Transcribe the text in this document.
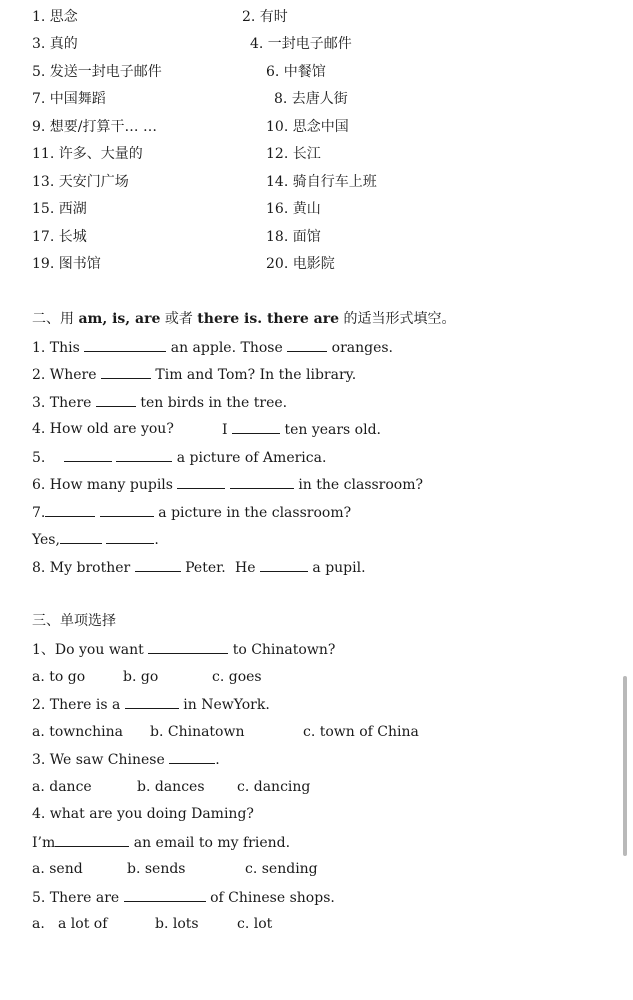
1. 思念	2. 有时
3. 真的	4. 一封电子邮件
5. 发送一封电子邮件	6. 中餐馆
7. 中国舞蹈	8. 去唐人街
9. 想要/打算干… …	10. 思念中国
11. 许多、大量的	12. 长江
13. 天安门广场	14. 骑自行车上班
15. 西湖	16. 黄山
17. 长城	18. 面馆
19. 图书馆	20. 电影院
二、用 am, is, are 或者 there is. there are 的适当形式填空。
1. This	an apple. Those	oranges.
2. Where	Tim and Tom? In the library.
3. There	ten birds in the tree.
4. How old are you?	I	ten years old.
5.	a picture of America.
6. How many pupils	in the classroom?
7.	a picture in the classroom?
Yes,	.
8. My brother	Peter. He	a pupil.
三、单项选择
1、Do you want	to Chinatown?
a. to go	b. go	c. goes
2. There is a	in NewYork.
a. townchina b. Chinatown	c. town of China
3. We saw Chinese	.
a. dance	b. dances c. dancing
4. what are you doing Daming?
I’m	an email to my friend.
a. send	b. sends	c. sending
5. There are	of Chinese shops.
a. a lot of	b. lots	c. lot
